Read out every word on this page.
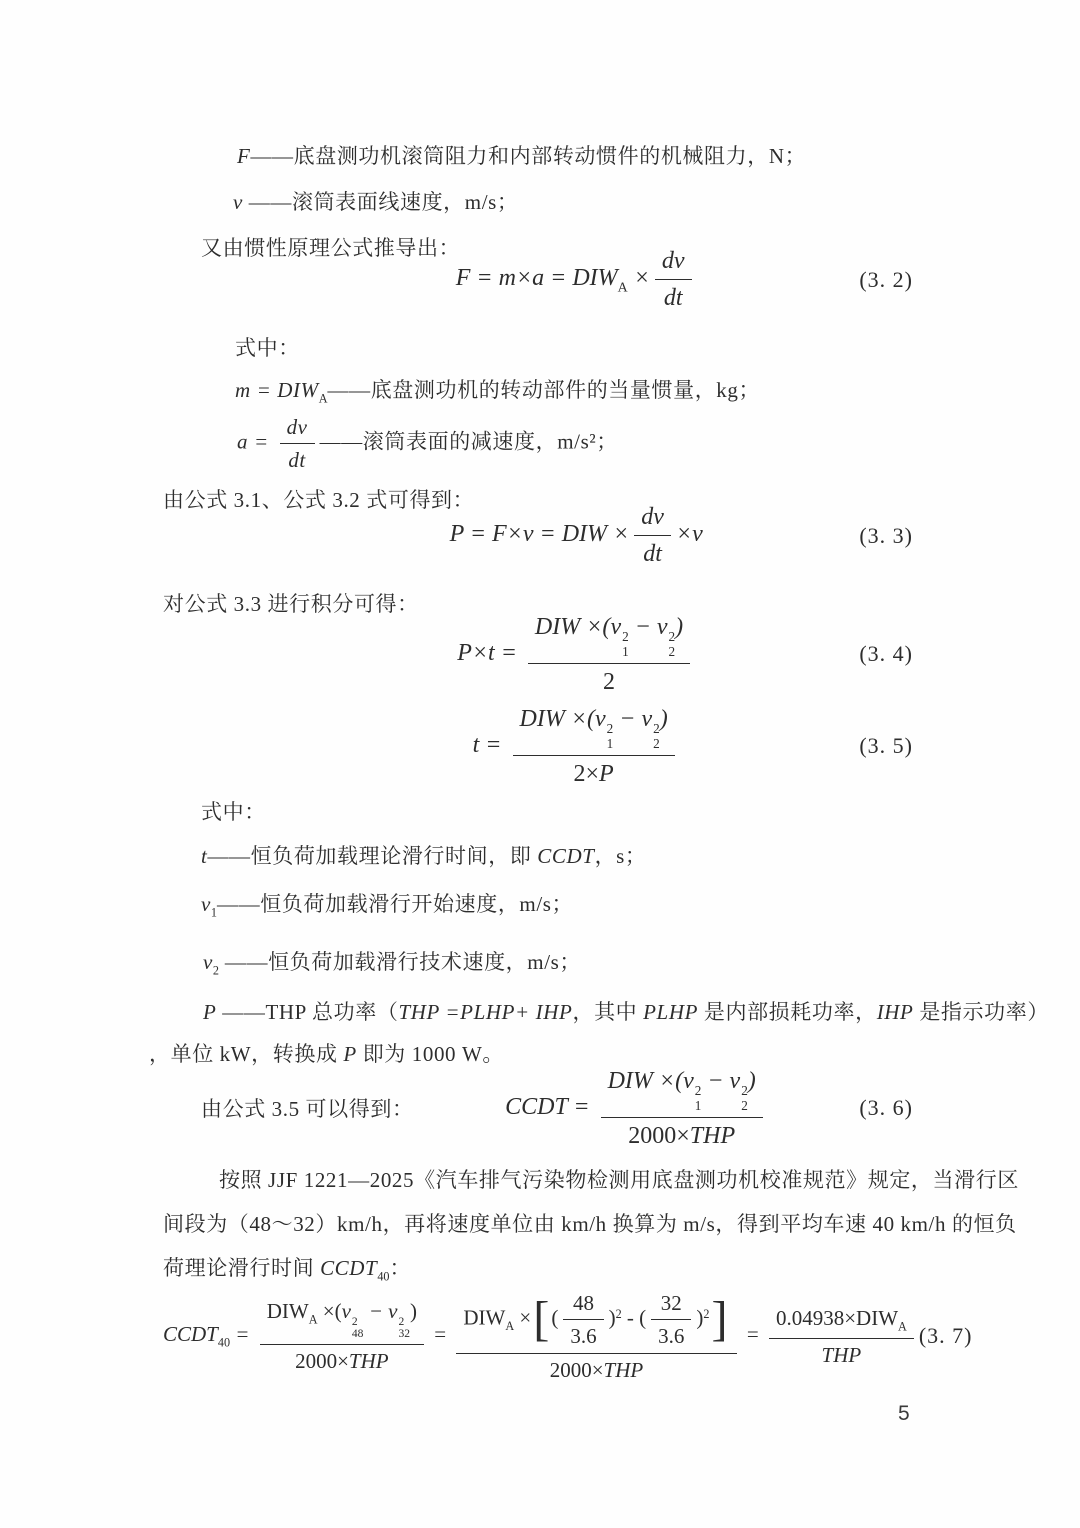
F——底盘测功机滚筒阻力和内部转动惯件的机械阻力，N；
v ——滚筒表面线速度，m/s；
又由惯性原理公式推导出：
$F = m\times a = DIW_A \times \frac{dv}{dt}$	(3. 2)
式中：
$m = DIW_A——$底盘测功机的转动部件的当量惯量，kg；
$a = \frac{dv}{dt}$ ——滚筒表面的减速度，m/s²；
由公式 3.1、公式 3.2 式可得到：
P = F×v = DIW × $\frac{dv}{dt} \times v$	(3. 3)
对公式 3.3 进行积分可得：
P×t = DIW ×(v 2
1
− v 2
2
)
2	(3. 4)
t = DIW ×(v 2
1
− v 2
2
)
2×P	(3. 5)
式中：
t——恒负荷加载理论滑行时间，即 CCDT，s；
$v_1——$恒负荷加载滑行开始速度，m/s；
$v_2$ ——恒负荷加载滑行技术速度，m/s；
P ——THP 总功率（THP =PLHP+ IHP，其中 PLHP 是内部损耗功率，IHP 是指示功率）
，单位 kW，转换成 P 即为 1000 W。
由公式 3.5 可以得到：	CCDT = DIW ×(v 2
1
− v 2
2
)
2000×THP	(3. 6)
按照 JJF 1221—2025《汽车排气污染物检测用底盘测功机校准规范》规定，当滑行区
间段为（48～32）km/h，再将速度单位由 km/h 换算为 m/s，得到平均车速 40 km/h 的恒负
荷理论滑行时间 $CCDT_{40}$：
$CCDT_{40} = DIW_A \times(v$ 2
48
− v 2
32
)
$2000\times THP = \frac{DIW_A \times[( \frac{48}{3.6} )^2 - ( \frac{32}{3.6} )^2]}{\text{2000×THP}} = \frac{0.04938\times DIW_A}{\text{THP}} (3$. 7)
5
